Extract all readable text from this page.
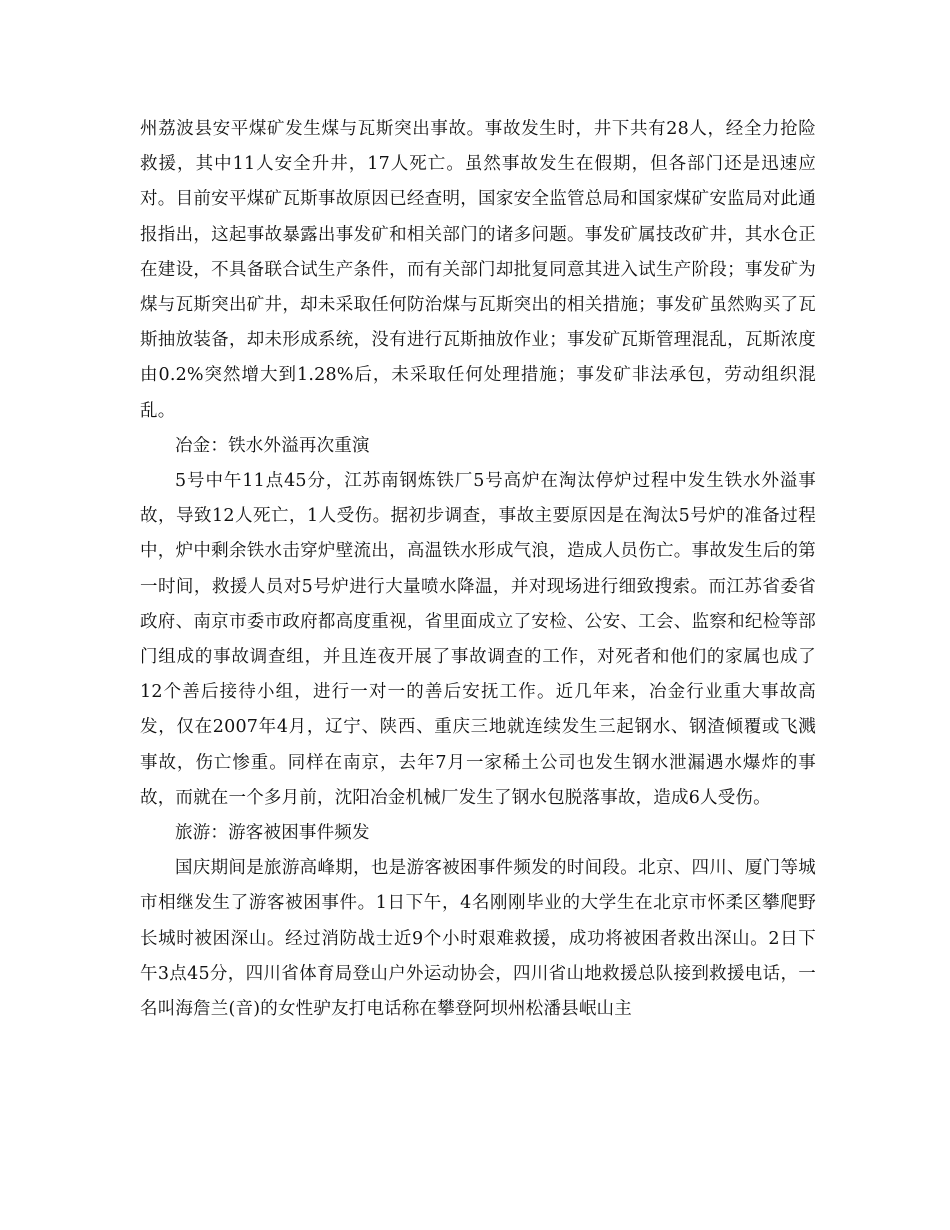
州荔波县安平煤矿发生煤与瓦斯突出事故。事故发生时，井下共有28人，经全力抢险救援，其中11人安全升井，17人死亡。虽然事故发生在假期，但各部门还是迅速应对。目前安平煤矿瓦斯事故原因已经查明，国家安全监管总局和国家煤矿安监局对此通报指出，这起事故暴露出事发矿和相关部门的诸多问题。事发矿属技改矿井，其水仓正在建设，不具备联合试生产条件，而有关部门却批复同意其进入试生产阶段；事发矿为煤与瓦斯突出矿井，却未采取任何防治煤与瓦斯突出的相关措施；事发矿虽然购买了瓦斯抽放装备，却未形成系统，没有进行瓦斯抽放作业；事发矿瓦斯管理混乱，瓦斯浓度由0.2%突然增大到1.28%后，未采取任何处理措施；事发矿非法承包，劳动组织混乱。

冶金：铁水外溢再次重演

5号中午11点45分，江苏南钢炼铁厂5号高炉在淘汰停炉过程中发生铁水外溢事故，导致12人死亡，1人受伤。据初步调查，事故主要原因是在淘汰5号炉的准备过程中，炉中剩余铁水击穿炉壁流出，高温铁水形成气浪，造成人员伤亡。事故发生后的第一时间，救援人员对5号炉进行大量喷水降温，并对现场进行细致搜索。而江苏省委省政府、南京市委市政府都高度重视，省里面成立了安检、公安、工会、监察和纪检等部门组成的事故调查组，并且连夜开展了事故调查的工作，对死者和他们的家属也成了12个善后接待小组，进行一对一的善后安抚工作。近几年来，冶金行业重大事故高发，仅在2007年4月，辽宁、陕西、重庆三地就连续发生三起钢水、钢渣倾覆或飞溅事故，伤亡惨重。同样在南京，去年7月一家稀土公司也发生钢水泄漏遇水爆炸的事故，而就在一个多月前，沈阳冶金机械厂发生了钢水包脱落事故，造成6人受伤。

旅游：游客被困事件频发

国庆期间是旅游高峰期，也是游客被困事件频发的时间段。北京、四川、厦门等城市相继发生了游客被困事件。1日下午，4名刚刚毕业的大学生在北京市怀柔区攀爬野长城时被困深山。经过消防战士近9个小时艰难救援，成功将被困者救出深山。2日下午3点45分，四川省体育局登山户外运动协会，四川省山地救援总队接到救援电话，一名叫海詹兰(音)的女性驴友打电话称在攀登阿坝州松潘县岷山主
